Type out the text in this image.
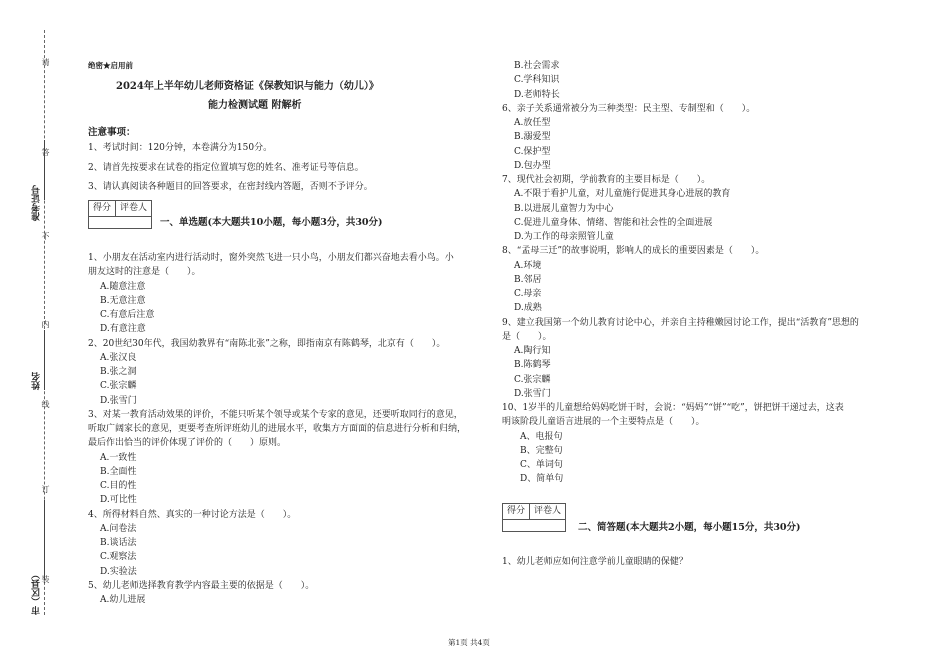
请
答
不
内
线
订
装
准考证号
姓名
市（区县）
绝密★启用前
2024年上半年幼儿老师资格证《保教知识与能力（幼儿）》
能力检测试题 附解析
注意事项：
1、考试时间：120分钟，本卷满分为150分。
2、请首先按要求在试卷的指定位置填写您的姓名、准考证号等信息。
3、请认真阅读各种题目的回答要求，在密封线内答题，否则不予评分。
得分	评卷人
一、单选题(本大题共10小题，每小题3分，共30分)
1、小朋友在活动室内进行活动时，窗外突然飞进一只小鸟，小朋友们都兴奋地去看小鸟。小
朋友这时的注意是（　　）。
A.随意注意
B.无意注意
C.有意后注意
D.有意注意
2、20世纪30年代，我国幼教界有“南陈北张”之称，即指南京有陈鹤琴，北京有（　　）。
A.张汉良
B.张之洞
C.张宗麟
D.张雪门
3、对某一教育活动效果的评价，不能只听某个领导或某个专家的意见，还要听取同行的意见，
听取广阔家长的意见，更要考查所评班幼儿的进展水平，收集方方面面的信息进行分析和归纳，
最后作出恰当的评价体现了评价的（　　）原则。
A.一致性
B.全面性
C.目的性
D.可比性
4、所得材料自然、真实的一种讨论方法是（　　）。
A.问卷法
B.谈话法
C.观察法
D.实验法
5、幼儿老师选择教育教学内容最主要的依据是（　　）。
A.幼儿进展
B.社会需求
C.学科知识
D.老师特长
6、亲子关系通常被分为三种类型：民主型、专制型和（　　）。
A.放任型
B.溺爱型
C.保护型
D.包办型
7、现代社会初期，学前教育的主要目标是（　　）。
A.不限于看护儿童，对儿童施行促进其身心进展的教育
B.以进展儿童智力为中心
C.促进儿童身体、情绪、智能和社会性的全面进展
D.为工作的母亲照管儿童
8、“孟母三迁”的故事说明，影响人的成长的重要因素是（　　）。
A.环境
B.邻居
C.母亲
D.成熟
9、建立我国第一个幼儿教育讨论中心，并亲自主持稚嫩园讨论工作，提出“活教育”思想的
是（　　）。
A.陶行知
B.陈鹤琴
C.张宗麟
D.张雪门
10、1岁半的儿童想给妈妈吃饼干时，会说：“妈妈”“饼”“吃”，饼把饼干递过去，这表
明该阶段儿童语言进展的一个主要特点是（　　）。
A、电报句
B、完整句
C、单词句
D、简单句
得分	评卷人
二、简答题(本大题共2小题，每小题15分，共30分)
1、幼儿老师应如何注意学前儿童眼睛的保健？
第1页 共4页
